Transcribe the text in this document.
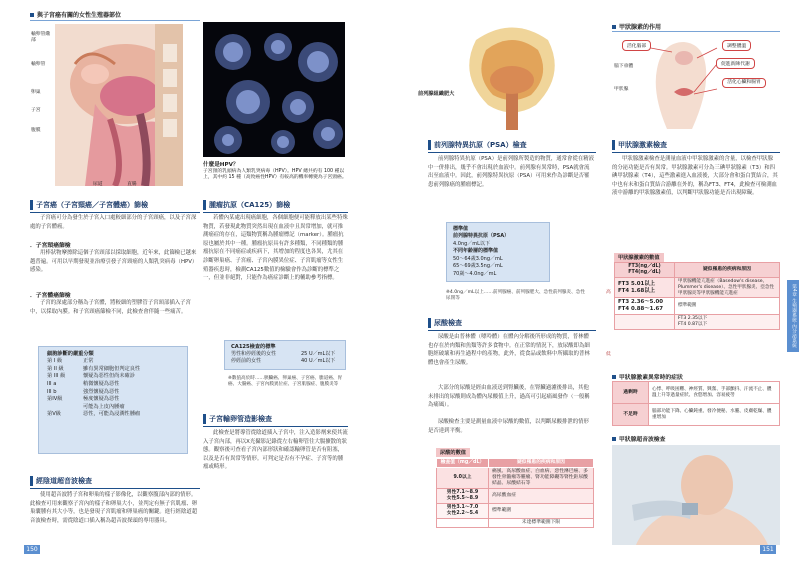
與子宮癌有關的女性生殖器部位
輸卵管繖部
輸卵管
卵巢
子宮
腹膜
尿道	直腸
什麼是HPV？
子宮頸的乳頭病為人類乳突病毒（HPV）。HPV 總共約有 100 種以上，其中約 15 種（高致癌性HPV）有較高的機率轉變為子宮頸癌。
子宮癌（子宮頸癌／子宮體癌）篩檢
子宮癌可分為發生於子宮入口處較細部分的子宮頸癌，以及子宮深處的子宮體癌。
．子宮頸癌篩檢
用棒狀物摩擦除這個子宮頸部以採取細胞，近年來，此篩檢已越來越普遍。可用以早期發現並治療引發子宮頸癌的人類乳突病毒（HPV）感染。
．子宮體癌篩檢
子宮的深處部分稱為子宮體，將較細的塑膠管子宮頸部插入子宮中，以採取內膜。和子宮頸癌篩檢不同，此檢查會伴隨一些痛苦。
細胞診斷的嚴重分類
第 I 級	正常
第 II 級	雖有異常細胞但判定良性
第 III 級	懷疑為惡性但尚未確診
III a	稍微懷疑為惡性
III b	強烈懷疑為惡性
第IV級	極度懷疑為惡性
可能為上皮內腫瘤
第V級	惡性，可能為浸潤性腫瘤
經陰道超音波檢查
使用超音波將子宮和卵巢的樣子影像化，以觀察腹部內部的情形。此檢查可用來觀察子宮內的樣子和卵巢大小，並判定有無子宮肌瘤、卵巢囊腫有其大小等，也是發現子宮肌瘤和卵巢癌的關鍵。進行經陰道超音波檢查時，需從陰道口插入稱為超音波探頭的專用器具。
腫瘤抗原（CA125）篩檢
若體內某處出現癌細胞，各個細胞便可能釋放出某些特殊物質，若發現此物質突然出現在血液中且異常增加，就可推測癌症的存在，這類物質稱為腫瘤標記（marker）。腫瘤抗原也屬於其中一種。腫瘤抗原具有許多種類，不同種類的腫瘤抗原在不同癌症或疾病下，其增加的程度也各異，尤其在診斷卵巢癌、子宮癌、子宮內膜異位症、子宮肌瘤等女性生殖器疾患時，檢測CA125數值的檢驗會作為診斷的標準之一，但並非絕對，只能作為癌症診斷上的輔助參考指標。
CA125檢查的標準
男性和停經後的女性	25 U／mL以下
停經前的女性	40 U／mL以下
※數值高於時……胰臟癌、卵巢癌、子宮癌、膽道癌、胃癌、大腸癌、子宮內膜異位症、子宮肌腺症、腹膜炎等
子宮輸卵管造影檢查
此檢查是將導管從陰道插入子宮中，注入造影劑來使其流入子宮內部，再以X光攝影記錄從左右輸卵管往大腸擴散的狀態。觀察後可查看子宮內部形狀和確認輸卵管是否有阻塞，以及是否有異常等情形。可判定是否有不孕症、子宮等的腫瘤或畸形。
150
前列腺組織肥大
前列腺特異抗原（PSA）檢查
前列腺特異抗原（PSA）是前列腺所製造的物質，通常會從在精液中一併排出，幾乎不會出現於血液中。前列腺有異常時，PSA就會流出至血液中。因此，前列腺特異抗原（PSA）可用來作為診斷是否罹患前列腺癌的腫瘤標記。
標準值
前列腺特異抗原（PSA）
4.0ng／mL以下
不同年齡層的標準值
50～64歲3.0ng／mL
65～69歲3.5ng／mL
70歲～4.0ng／mL
※4.0ng／mL以上……前列腺癌、前列腺肥大、急性前列腺炎、急性尿閉等
尿酸檢查
尿酸是由普林體（嘌呤體）在體內分解後所形成的物質，普林體也存在於肉類和魚類等許多食物中。在正常的情況下，放尿酸即為細胞經破壞和再生過程中的產物，此外，從食品或飲料中所攝取的普林體也會產生尿酸。
大部分的尿酸是經由血液送到腎臟後，在腎臟過濾後排出，其他未排出的尿酸則成為體內尿酸值上升，過高可引起痛風發作（一般稱為痛風）。
尿酸檢查主要是測量血液中尿酸的數值，以判斷尿酸排泄的情形是否達到平衡。
尿酸的數值
檢查值（mg／dL）	疑似罹患的疾病和原因
9.0以上	痛風、高尿酸血症、白血病、惡性淋巴癌、多發性骨髓瘤等腫瘤、腎功能障礙等腎性鉅尿酸結晶、尿酸結石等
男性7.1～8.9
女性5.5～8.9	高尿酸血症
男性3.1～7.0
女性2.2～5.4	標準範圍
	未達標準範圍下限
甲狀腺素的作用
活化腦部
腦下垂體
甲狀腺
調整體溫
促進新陳代謝
活化心臟和腸胃
甲狀腺激素檢查
甲狀腺激素檢查是測量血液中甲狀腺激素的含量，以檢查甲狀腺的分泌功能是否有異常。甲狀腺激素可分為三碘甲狀腺素（T3）和四碘甲狀腺素（T4），這些激素進入血液後，大部分會和蛋白質結合，其中也有未和蛋白質結合游離在外的，稱為FT3、FT4，此檢查可檢測血液中游離的甲狀腺激素值，以判斷甲狀腺功能是否出現障礙。
甲狀腺激素的數值
高
低
FT3(ng／dL)
FT4(ng／dL)	疑似罹患的疾病和原因
FT3 5.01以上
FT4 1.68以上	甲狀腺機能亢進症（Basedow's disease、Plummer's disease）、急性甲狀腺炎、亞急性甲狀腺炎等甲狀腺機能亢進症
FT3 2.36～5.00
FT4 0.88～1.67	標準範圍
	FT3 2.35以下
FT4 0.87以下
甲狀腺激素異常時的症狀
過剩時	心悸、呼吸困難、神經質、興奮、手部顫抖、汗流不止、體溫上升等過量症狀、食慾增加、容易疲勞
不足時	腦部功能下降、心臟鈍重、發冷便秘、水腫、皮膚乾燥、體重增加
甲狀腺超音波檢查
第4章 生殖器系統·內分泌系統
151
